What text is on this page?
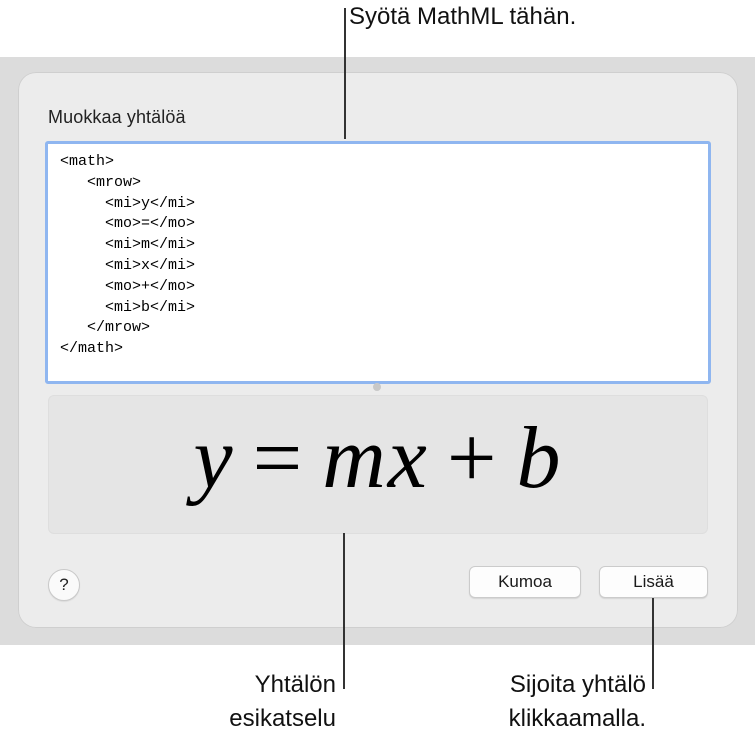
Muokkaa yhtälöä
<math>
<mrow>
<mi>y</mi>
<mo>=</mo>
<mi>m</mi>
<mi>x</mi>
<mo>+</mo>
<mi>b</mi>
</mrow>
</math>
y = mx + b
?	Kumoa	Lisää
Syötä MathML tähän.
Yhtälön
esikatselu
Sijoita yhtälö
klikkaamalla.
